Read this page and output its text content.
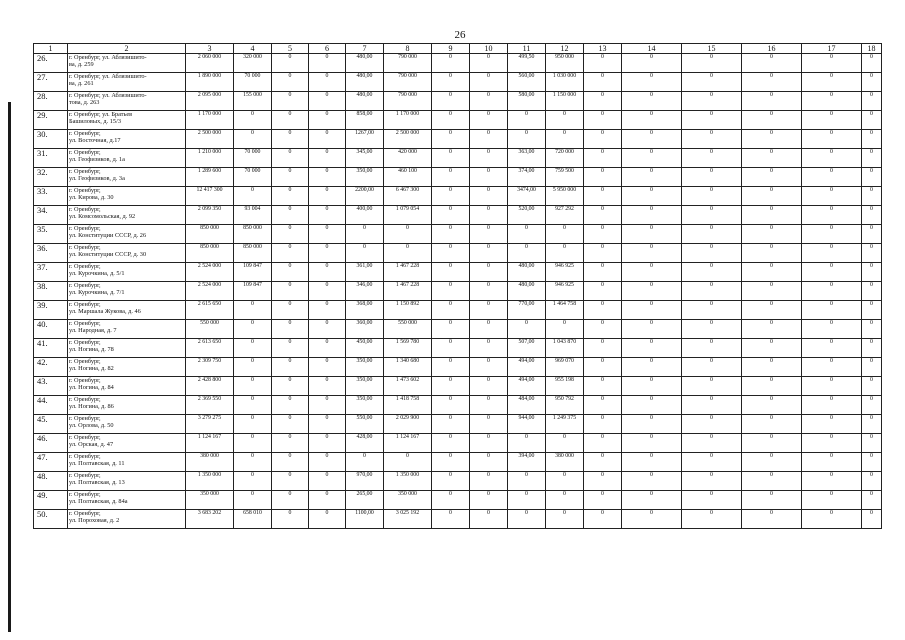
26
1	2	3	4	5	6	7	8	9	10	11	12	13	14	15	16	17	18
26.	г. Оренбург, ул. Аблязишито-
ва, д. 259	2 060 000	320 000	0	0	480,00	790 000	0	0	499,50	950 000	0	0	0	0	0	0
27.	г. Оренбург, ул. Аблязишито-
ва, д. 261	1 890 000	70 000	0	0	480,00	790 000	0	0	560,00	1 030 000	0	0	0	0	0	0
28.	г. Оренбург, ул. Аблязишито-
това, д. 263	2 095 000	155 000	0	0	480,00	790 000	0	0	580,00	1 150 000	0	0	0	0	0	0
29.	г. Оренбург, ул. Братьев
Башиловых, д. 15/3	1 170 000	0	0	0	858,00	1 170 000	0	0	0	0	0	0	0	0	0	0
30.	г. Оренбург,
ул. Восточная, д.17	2 500 000	0	0	0	1267,00	2 500 000	0	0	0	0	0	0	0	0	0	0
31.	г. Оренбург,
ул. Геофизиков, д. 1а	1 210 000	70 000	0	0	345,00	420 000	0	0	363,00	720 000	0	0	0	0	0	0
32.	г. Оренбург,
ул. Геофизиков, д. 3а	1 289 600	70 000	0	0	350,00	460 100	0	0	374,00	759 500	0	0	0	0	0	0
33.	г. Оренбург,
ул. Кирова, д. 30	12 417 300	0	0	0	2200,00	6 467 300	0	0	3474,00	5 950 000	0	0	0	0	0	0
34.	г. Оренбург,
ул. Комсомольская, д. 92	2 099 350	93 004	0	0	400,00	1 079 054	0	0	520,00	927 292	0	0	0	0	0	0
35.	г. Оренбург,
ул. Конституции СССР, д. 26	850 000	850 000	0	0	0	0	0	0	0	0	0	0	0	0	0	0
36.	г. Оренбург,
ул. Конституции СССР, д. 30	850 000	850 000	0	0	0	0	0	0	0	0	0	0	0	0	0	0
37.	г. Оренбург,
ул. Курочкина, д. 5/1	2 524 000	109 847	0	0	361,00	1 467 228	0	0	480,00	946 925	0	0	0	0	0	0
38.	г. Оренбург,
ул. Курочкина, д. 7/1	2 524 000	109 847	0	0	346,00	1 467 228	0	0	480,00	946 925	0	0	0	0	0	0
39.	г. Оренбург,
ул. Маршала Жукова, д. 46	2 615 650	0	0	0	368,00	1 150 892	0	0	770,00	1 464 758	0	0	0	0	0	0
40.	г. Оренбург,
ул. Народная, д. 7	550 000	0	0	0	360,00	550 000	0	0	0	0	0	0	0	0	0	0
41.	г. Оренбург,
ул. Ногина, д. 78	2 613 650	0	0	0	450,00	1 569 780	0	0	507,00	1 043 870	0	0	0	0	0	0
42.	г. Оренбург,
ул. Ногина, д. 82	2 309 750	0	0	0	350,00	1 340 680	0	0	494,00	969 070	0	0	0	0	0	0
43.	г. Оренбург,
ул. Ногина, д. 84	2 428 800	0	0	0	350,00	1 473 602	0	0	494,00	955 198	0	0	0	0	0	0
44.	г. Оренбург,
ул. Ногина, д. 86	2 369 550	0	0	0	350,00	1 418 758	0	0	484,00	950 792	0	0	0	0	0	0
45.	г. Оренбург,
ул. Орлова, д. 50	3 279 275	0	0	0	550,00	2 029 900	0	0	944,00	1 249 375	0	0	0	0	0	0
46.	г. Оренбург,
ул. Орская, д. 47	1 124 167	0	0	0	428,00	1 124 167	0	0	0	0	0	0	0	0	0	0
47.	г. Оренбург,
ул. Полтавская, д. 11	380 000	0	0	0	0	0	0	0	394,00	380 000	0	0	0	0	0	0
48.	г. Оренбург,
ул. Полтавская, д. 13	1 350 000	0	0	0	970,00	1 350 000	0	0	0	0	0	0	0	0	0	0
49.	г. Оренбург,
ул. Полтавская, д. 84а	350 000	0	0	0	265,00	350 000	0	0	0	0	0	0	0	0	0	0
50.	г. Оренбург,
ул. Пороховая, д. 2	3 683 202	658 010	0	0	1100,00	3 025 192	0	0	0	0	0	0	0	0	0	0
